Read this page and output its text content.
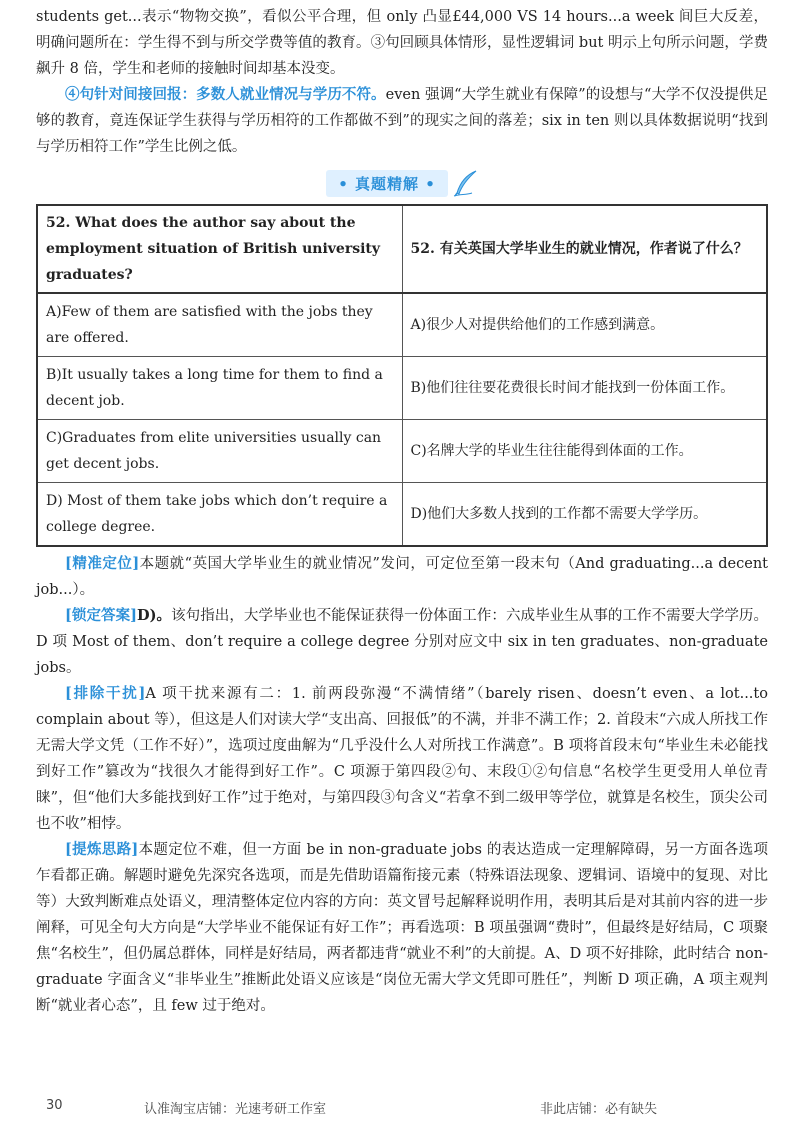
students get...表示“物物交换”，看似公平合理，但 only 凸显£44,000 VS 14 hours...a week 间巨大反差，明确问题所在：学生得不到与所交学费等值的教育。③句回顾具体情形，显性逻辑词 but 明示上句所示问题，学费飙升 8 倍，学生和老师的接触时间却基本没变。

④句针对间接回报：多数人就业情况与学历不符。even 强调“大学生就业有保障”的设想与“大学不仅没提供足够的教育，竟连保证学生获得与学历相符的工作都做不到”的现实之间的落差；six in ten 则以具体数据说明“找到与学历相符工作”学生比例之低。

• 真题精解 •
52. What does the author say about the employment situation of British university graduates?	52. 有关英国大学毕业生的就业情况，作者说了什么？
A)Few of them are satisfied with the jobs they are offered.	A)很少人对提供给他们的工作感到满意。
B)It usually takes a long time for them to find a decent job.	B)他们往往要花费很长时间才能找到一份体面工作。
C)Graduates from elite universities usually can get decent jobs.	C)名牌大学的毕业生往往能得到体面的工作。
D) Most of them take jobs which don’t require a college degree.	D)他们大多数人找到的工作都不需要大学学历。

[精准定位]本题就“英国大学毕业生的就业情况”发问，可定位至第一段末句（And graduating...a decent job...）。

[锁定答案]D)。该句指出，大学毕业也不能保证获得一份体面工作：六成毕业生从事的工作不需要大学学历。D 项 Most of them、don’t require a college degree 分别对应文中 six in ten graduates、non-graduate jobs。

[排除干扰]A 项干扰来源有二：1. 前两段弥漫“不满情绪”（barely risen、doesn’t even、a lot...to complain about 等），但这是人们对读大学“支出高、回报低”的不满，并非不满工作；2. 首段末“六成人所找工作无需大学文凭（工作不好）”，选项过度曲解为“几乎没什么人对所找工作满意”。B 项将首段末句“毕业生未必能找到好工作”篡改为“找很久才能得到好工作”。C 项源于第四段②句、末段①②句信息“名校学生更受用人单位青睐”，但“他们大多能找到好工作”过于绝对，与第四段③句含义“若拿不到二级甲等学位，就算是名校生，顶尖公司也不收”相悖。

[提炼思路]本题定位不难，但一方面 be in non-graduate jobs 的表达造成一定理解障碍，另一方面各选项乍看都正确。解题时避免先深究各选项，而是先借助语篇衔接元素（特殊语法现象、逻辑词、语境中的复现、对比等）大致判断难点处语义，理清整体定位内容的方向：英文冒号起解释说明作用，表明其后是对其前内容的进一步阐释，可见全句大方向是“大学毕业不能保证有好工作”；再看选项：B 项虽强调“费时”，但最终是好结局，C 项聚焦“名校生”，但仍属总群体，同样是好结局，两者都违背“就业不利”的大前提。A、D 项不好排除，此时结合 non-graduate 字面含义“非毕业生”推断此处语义应该是“岗位无需大学文凭即可胜任”，判断 D 项正确，A 项主观判断“就业者心态”，且 few 过于绝对。

30	认准淘宝店铺：光速考研工作室	非此店铺：必有缺失
